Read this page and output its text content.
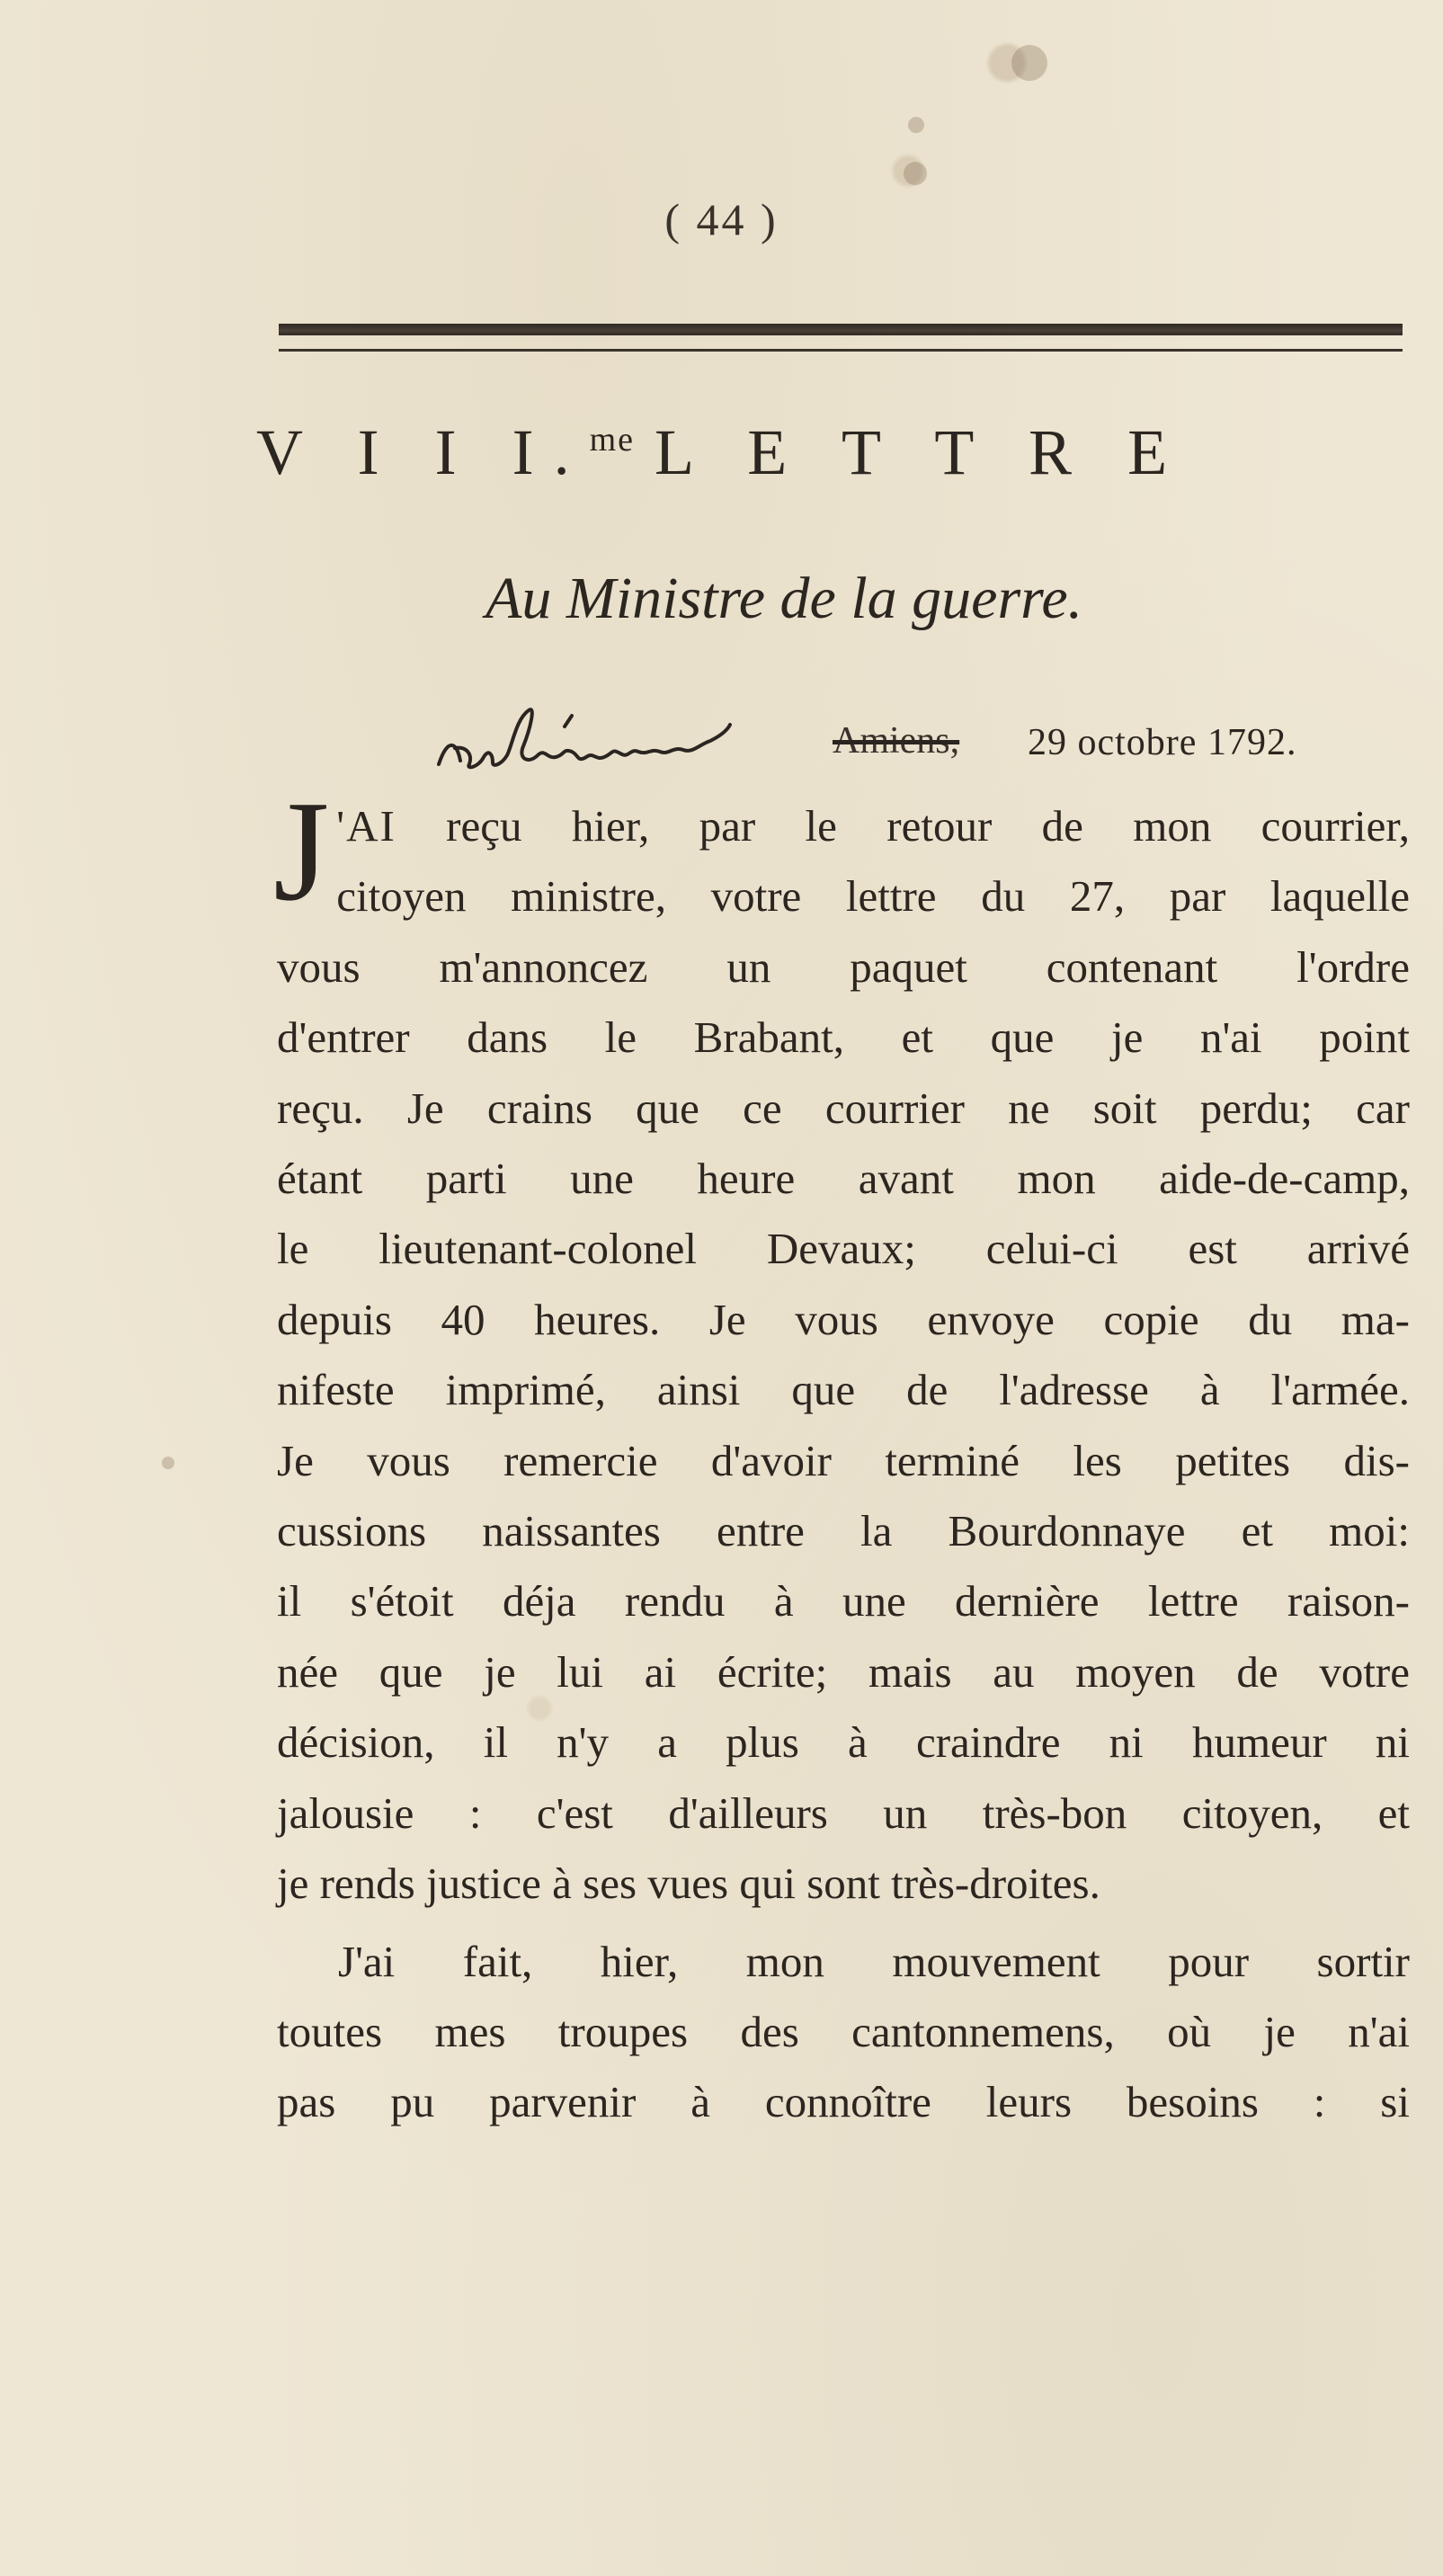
( 44 )
V I I I.$^{me}$ L E T T R E
Au Ministre de la guerre.
Amiens, 29 octobre 1792.
J 'AI reçu hier, par le retour de mon courrier,
citoyen ministre, votre lettre du 27, par laquelle
vous m'annoncez un paquet contenant l'ordre
d'entrer dans le Brabant, et que je n'ai point
reçu. Je crains que ce courrier ne soit perdu; car
étant parti une heure avant mon aide-de-camp,
le lieutenant-colonel Devaux; celui-ci est arrivé
depuis 40 heures. Je vous envoye copie du ma-
nifeste imprimé, ainsi que de l'adresse à l'armée.
Je vous remercie d'avoir terminé les petites dis-
cussions naissantes entre la Bourdonnaye et moi:
il s'étoit déja rendu à une dernière lettre raison-
née que je lui ai écrite; mais au moyen de votre
décision, il n'y a plus à craindre ni humeur ni
jalousie : c'est d'ailleurs un très-bon citoyen, et
je rends justice à ses vues qui sont très-droites.
J'ai fait, hier, mon mouvement pour sortir
toutes mes troupes des cantonnemens, où je n'ai
pas pu parvenir à connoître leurs besoins : si
